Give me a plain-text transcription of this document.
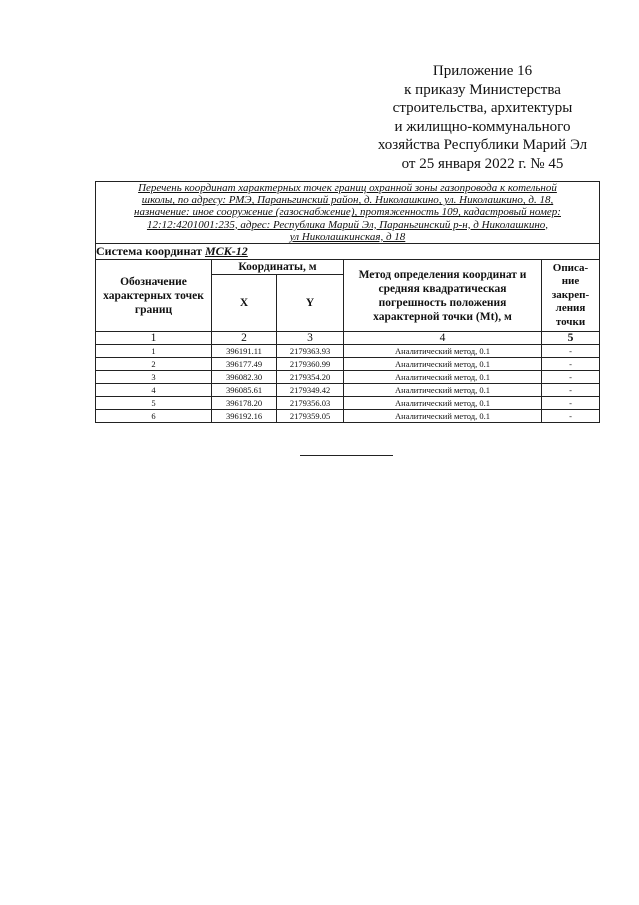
Приложение 16
к приказу Министерства
строительства, архитектуры
и жилищно-коммунального
хозяйства Республики Марий Эл
от 25 января 2022 г. № 45
Перечень координат характерных точек границ охранной зоны газопровода к котельной
школы, по адресу: РМЭ, Параньгинский район, д. Николашкино, ул. Николашкино, д. 18,
назначение: иное сооружение (газоснабжение), протяженность 109, кадастровый номер:
12:12:4201001:235, адрес: Республика Марий Эл, Параньгинский р-н, д Николашкино,
ул Николашкинская, д 18				

Система координат МСК-12				
Обозначение характерных точек границ	Координаты, м		Метод определения координат и средняя квадратическая погрешность положения характерной точки (Mt), м	Описа-ние закреп-ления точки
	X	Y		
1	2	3	4	5
1	396191.11	2179363.93	Аналитический метод, 0.1	-
2	396177.49	2179360.99	Аналитический метод, 0.1	-
3	396082.30	2179354.20	Аналитический метод, 0.1	-
4	396085.61	2179349.42	Аналитический метод, 0.1	-
5	396178.20	2179356.03	Аналитический метод, 0.1	-
6	396192.16	2179359.05	Аналитический метод, 0.1	-
